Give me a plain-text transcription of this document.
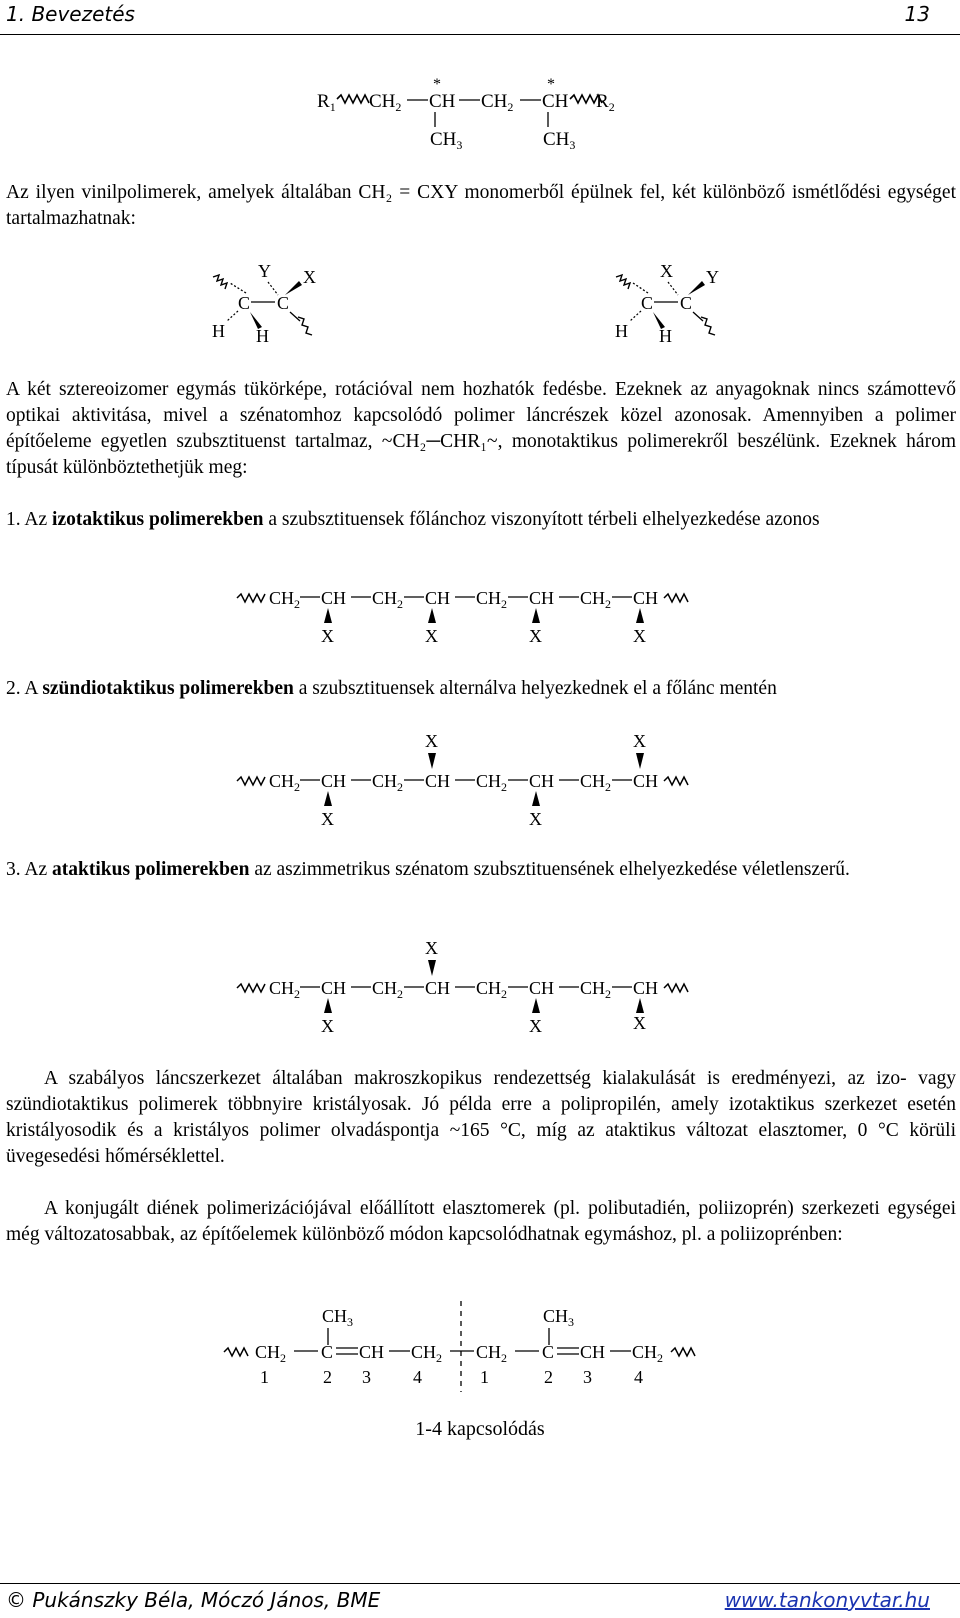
1. Bevezetés	13
$R_1$ $CH_2$
*
CH $CH_2$
*
CH $R_2$
$CH_3$	$CH_3$
Az ilyen vinilpolimerek, amelyek általában CH₂ = CXY monomerből épülnek fel, két különböző ismétlődési egységet tartalmazhatnak:
Y X
C C
H H
X Y
C C
H H
A két sztereoizomer egymás tükörképe, rotációval nem hozhatók fedésbe. Ezeknek az anyagoknak nincs számottevő optikai aktivitása, mivel a szénatomhoz kapcsolódó polimer láncrészek közel azonosak. Amennyiben a polimer építőeleme egyetlen szubsztituenst tartalmaz, ~CH₂─CHR₁~, monotaktikus polimerekről beszélünk. Ezeknek három típusát különböztethetjük meg:
1. Az izotaktikus polimerekben a szubsztituensek főlánchoz viszonyított térbeli elhelyezkedése azonos
$CH_2$ CH $CH_2$ CH $CH_2$ CH $CH_2$ CH
X	X	X	X
2. A szündiotaktikus polimerekben a szubsztituensek alternálva helyezkednek el a főlánc mentén
X	X
$CH_2$ CH $CH_2$ CH $CH_2$ CH $CH_2$ CH
X	X
3. Az ataktikus polimerekben az aszimmetrikus szénatom szubsztituensének elhelyezkedése véletlenszerű.
X
$CH_2$ CH $CH_2$ CH $CH_2$ CH $CH_2$ CH
X	X	X
A szabályos láncszerkezet általában makroszkopikus rendezettség kialakulását is eredményezi, az izo- vagy szündiotaktikus polimerek többnyire kristályosak. Jó példa erre a polipropilén, amely izotaktikus szerkezet esetén kristályosodik és a kristályos polimer olvadáspontja ~165 °C, míg az ataktikus változat elasztomer, 0 °C körüli üvegesedési hőmérséklettel.
A konjugált diének polimerizációjával előállított elasztomerek (pl. polibutadién, poliizoprén) szerkezeti egységei még változatosabbak, az építőelemek különböző módon kapcsolódhatnak egymáshoz, pl. a poliizoprénben:
$CH_3$	$CH_3$
$CH_2$ C CH $CH_2$ $CH_2$ C CH $CH_2$
1	2 3 4	1	2 3 4
1-4 kapcsolódás
© Pukánszky Béla, Móczó János, BME	www.tankonyvtar.hu
